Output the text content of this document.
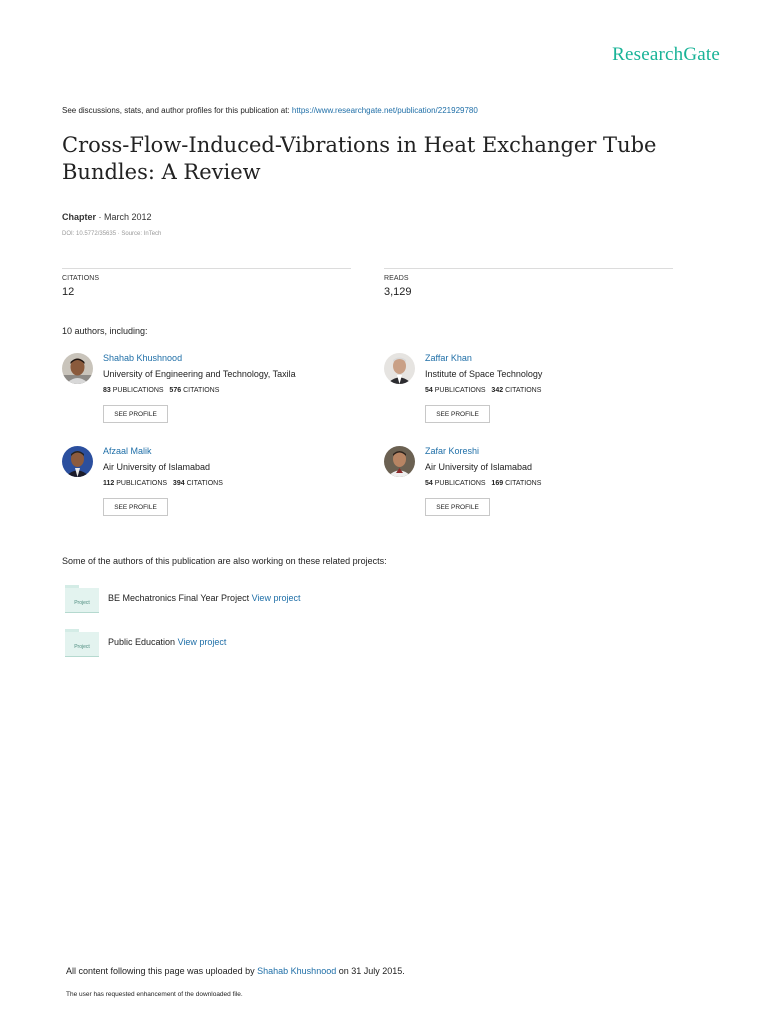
ResearchGate
See discussions, stats, and author profiles for this publication at: https://www.researchgate.net/publication/221929780
Cross-Flow-Induced-Vibrations in Heat Exchanger Tube Bundles: A Review
Chapter · March 2012
DOI: 10.5772/35635 · Source: InTech
CITATIONS
12
READS
3,129
10 authors, including:
Shahab Khushnood
University of Engineering and Technology, Taxila
83 PUBLICATIONS 576 CITATIONS
SEE PROFILE
Zaffar Khan
Institute of Space Technology
54 PUBLICATIONS 342 CITATIONS
SEE PROFILE
Afzaal Malik
Air University of Islamabad
112 PUBLICATIONS 394 CITATIONS
SEE PROFILE
Zafar Koreshi
Air University of Islamabad
54 PUBLICATIONS 169 CITATIONS
SEE PROFILE
Some of the authors of this publication are also working on these related projects:
Project	BE Mechatronics Final Year Project View project
Project	Public Education View project
All content following this page was uploaded by Shahab Khushnood on 31 July 2015.
The user has requested enhancement of the downloaded file.
